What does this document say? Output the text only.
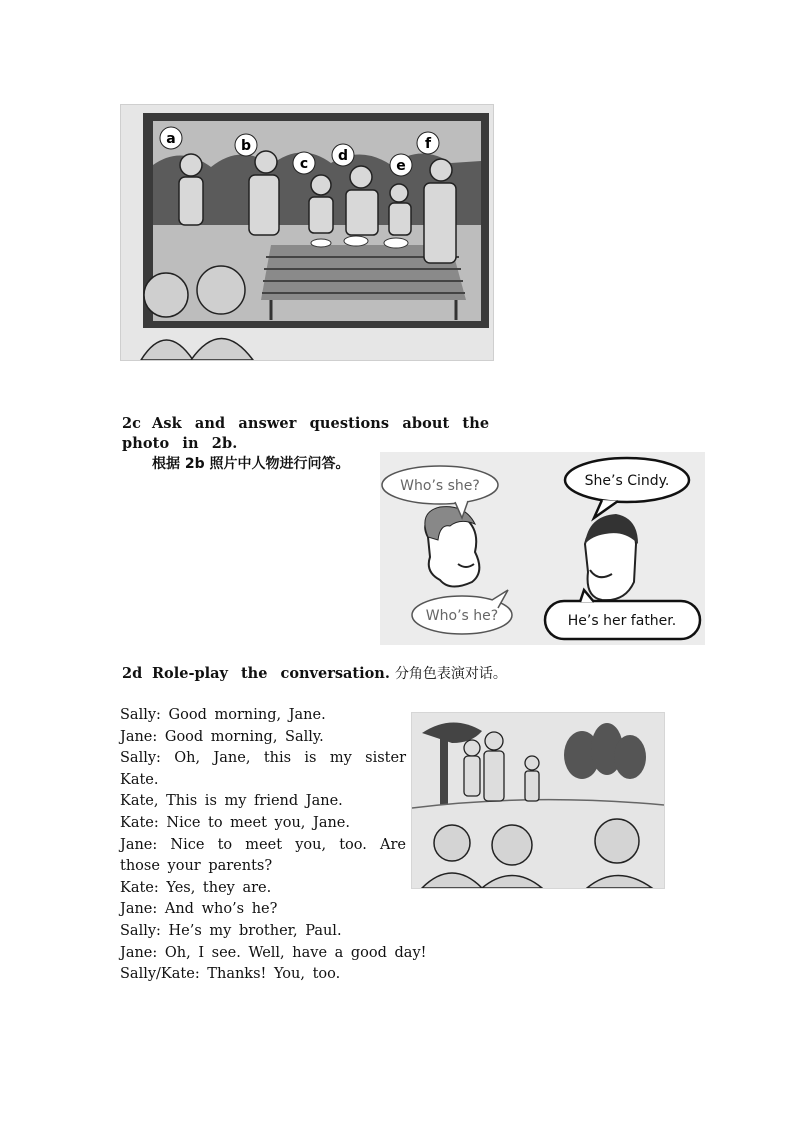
a	b
c d
e
f
2c Ask and answer questions about the photo in 2b.
根据 2b 照片中人物进行问答。
Who’s she?	She’s Cindy.
Who’s he?	He’s her father.
2d Role-play the conversation. 分角色表演对话。

Sally: Good morning, Jane.

Jane: Good morning, Sally.

Sally: Oh, Jane, this is my sister Kate.

Kate, This is my friend Jane.

Kate: Nice to meet you, Jane.

Jane: Nice to meet you, too. Are those your parents?

Kate: Yes, they are.

Jane: And who’s he?

Sally: He’s my brother, Paul.

Jane: Oh, I see. Well, have a good day!

Sally/Kate: Thanks! You, too.
